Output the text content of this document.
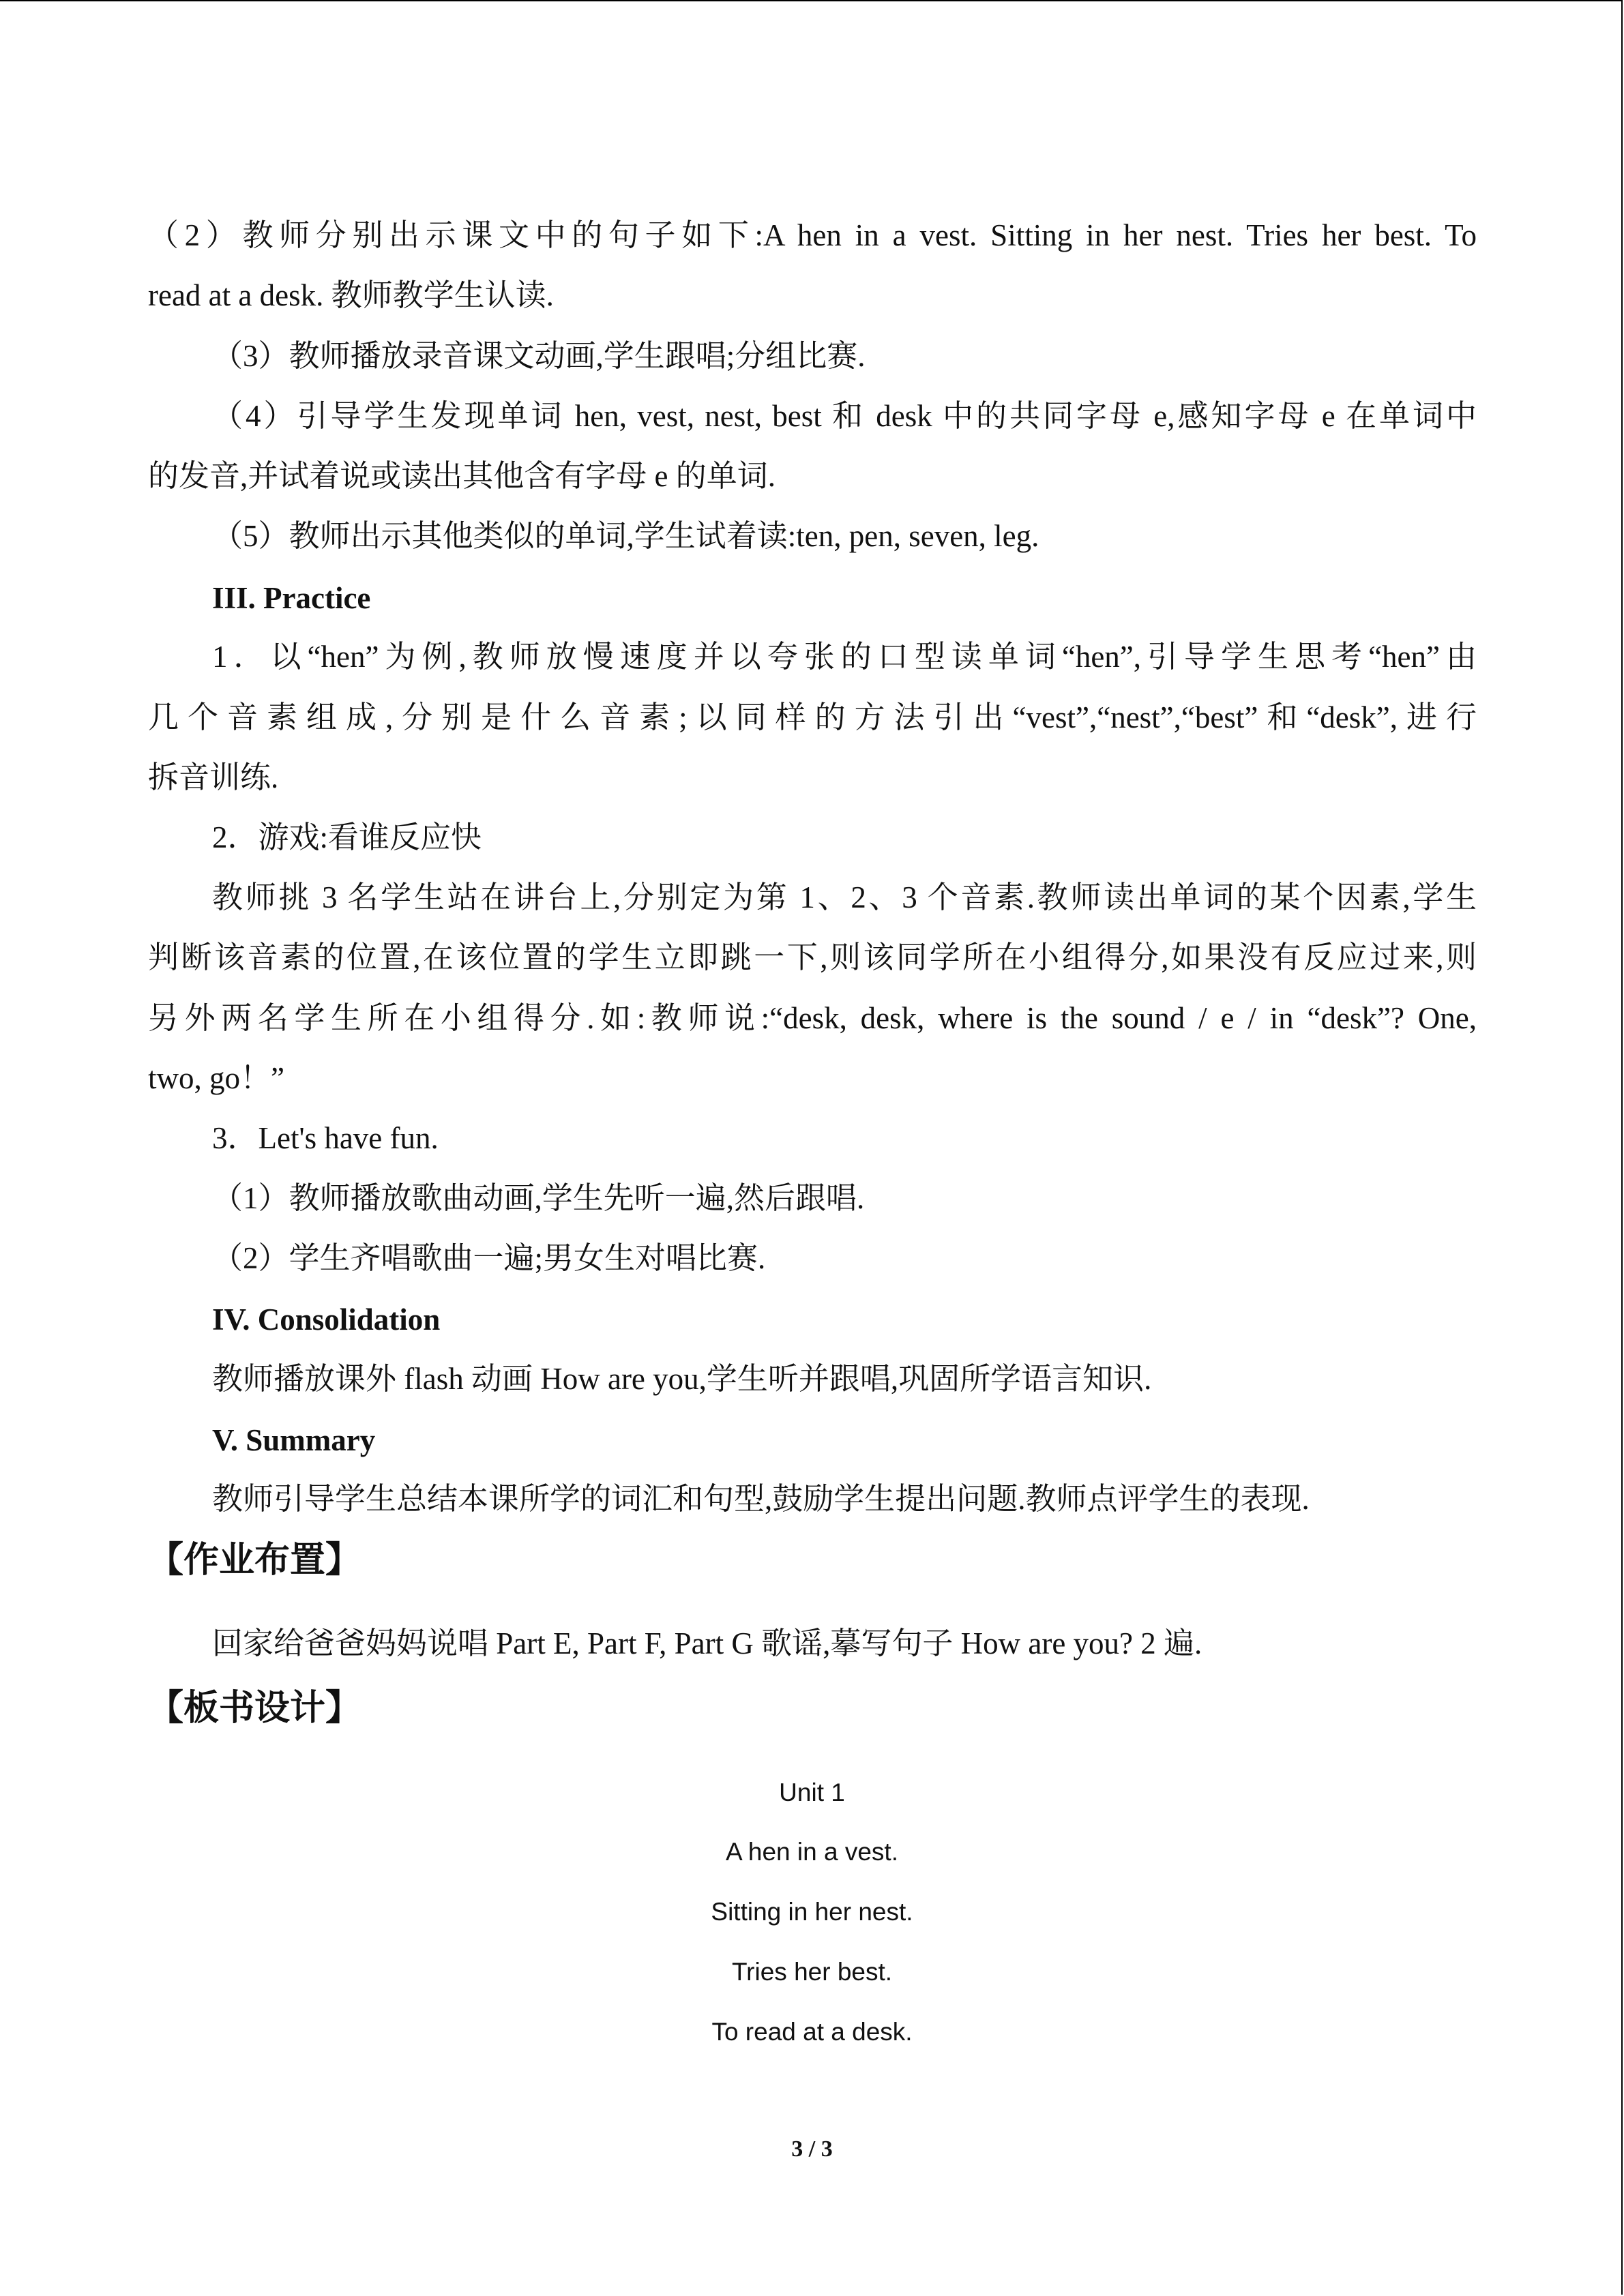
（2）教师分别出示课文中的句子如下:A hen in a vest. Sitting in her nest. Tries her best. To
read at a desk. 教师教学生认读.
（3）教师播放录音课文动画,学生跟唱;分组比赛.
（4）引导学生发现单词 hen, vest, nest, best 和 desk 中的共同字母 e,感知字母 e 在单词中
的发音,并试着说或读出其他含有字母 e 的单词.
（5）教师出示其他类似的单词,学生试着读:ten, pen, seven, leg.
III. Practice
1．以“hen”为例,教师放慢速度并以夸张的口型读单词“hen”,引导学生思考“hen”由
几个音素组成,分别是什么音素;以同样的方法引出“vest”,“nest”,“best”和“desk”,进行
拆音训练.
2．游戏:看谁反应快
教师挑 3 名学生站在讲台上,分别定为第 1、2、3 个音素.教师读出单词的某个因素,学生
判断该音素的位置,在该位置的学生立即跳一下,则该同学所在小组得分,如果没有反应过来,则
另外两名学生所在小组得分.如:教师说:“desk, desk, where is the sound / e / in “desk”? One,
two, go！”
3．Let's have fun.
（1）教师播放歌曲动画,学生先听一遍,然后跟唱.
（2）学生齐唱歌曲一遍;男女生对唱比赛.
IV. Consolidation
教师播放课外 flash 动画 How are you,学生听并跟唱,巩固所学语言知识.
V. Summary
教师引导学生总结本课所学的词汇和句型,鼓励学生提出问题.教师点评学生的表现.
【作业布置】
回家给爸爸妈妈说唱 Part E, Part F, Part G 歌谣,摹写句子 How are you? 2 遍.
【板书设计】
Unit 1
A hen in a vest.
Sitting in her nest.
Tries her best.
To read at a desk.
3 / 3
